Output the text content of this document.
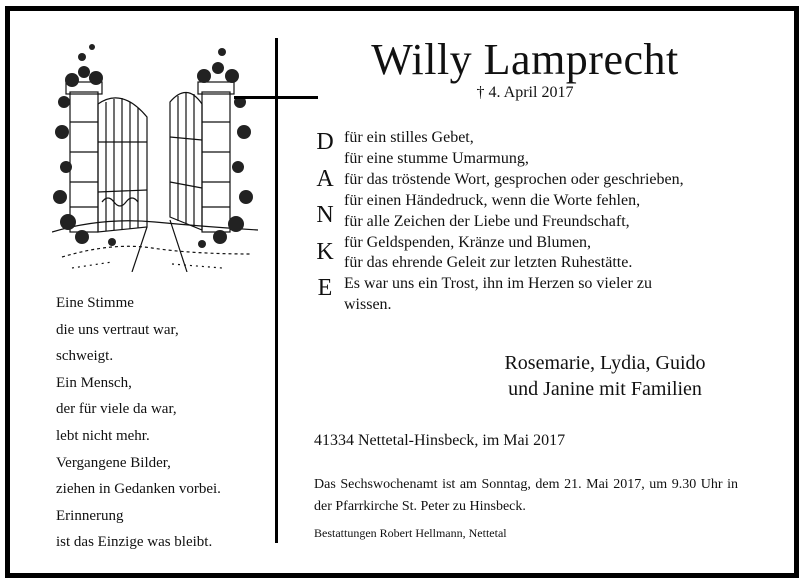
Eine Stimme
die uns vertraut war,
schweigt.
Ein Mensch,
der für viele da war,
lebt nicht mehr.
Vergangene Bilder,
ziehen in Gedanken vorbei.
Erinnerung
ist das Einzige was bleibt.
Willy Lamprecht
† 4. April 2017
D
A
N
K
E
für ein stilles Gebet,
für eine stumme Umarmung,
für das tröstende Wort, gesprochen oder geschrieben,
für einen Händedruck, wenn die Worte fehlen,
für alle Zeichen der Liebe und Freundschaft,
für Geldspenden, Kränze und Blumen,
für das ehrende Geleit zur letzten Ruhestätte.
Es war uns ein Trost, ihn im Herzen so vieler zu
wissen.
Rosemarie, Lydia, Guido
und Janine mit Familien
41334 Nettetal-Hinsbeck, im Mai 2017
Das Sechswochenamt ist am Sonntag, dem 21. Mai 2017, um 9.30 Uhr in der Pfarrkirche St. Peter zu Hinsbeck.
Bestattungen Robert Hellmann, Nettetal
